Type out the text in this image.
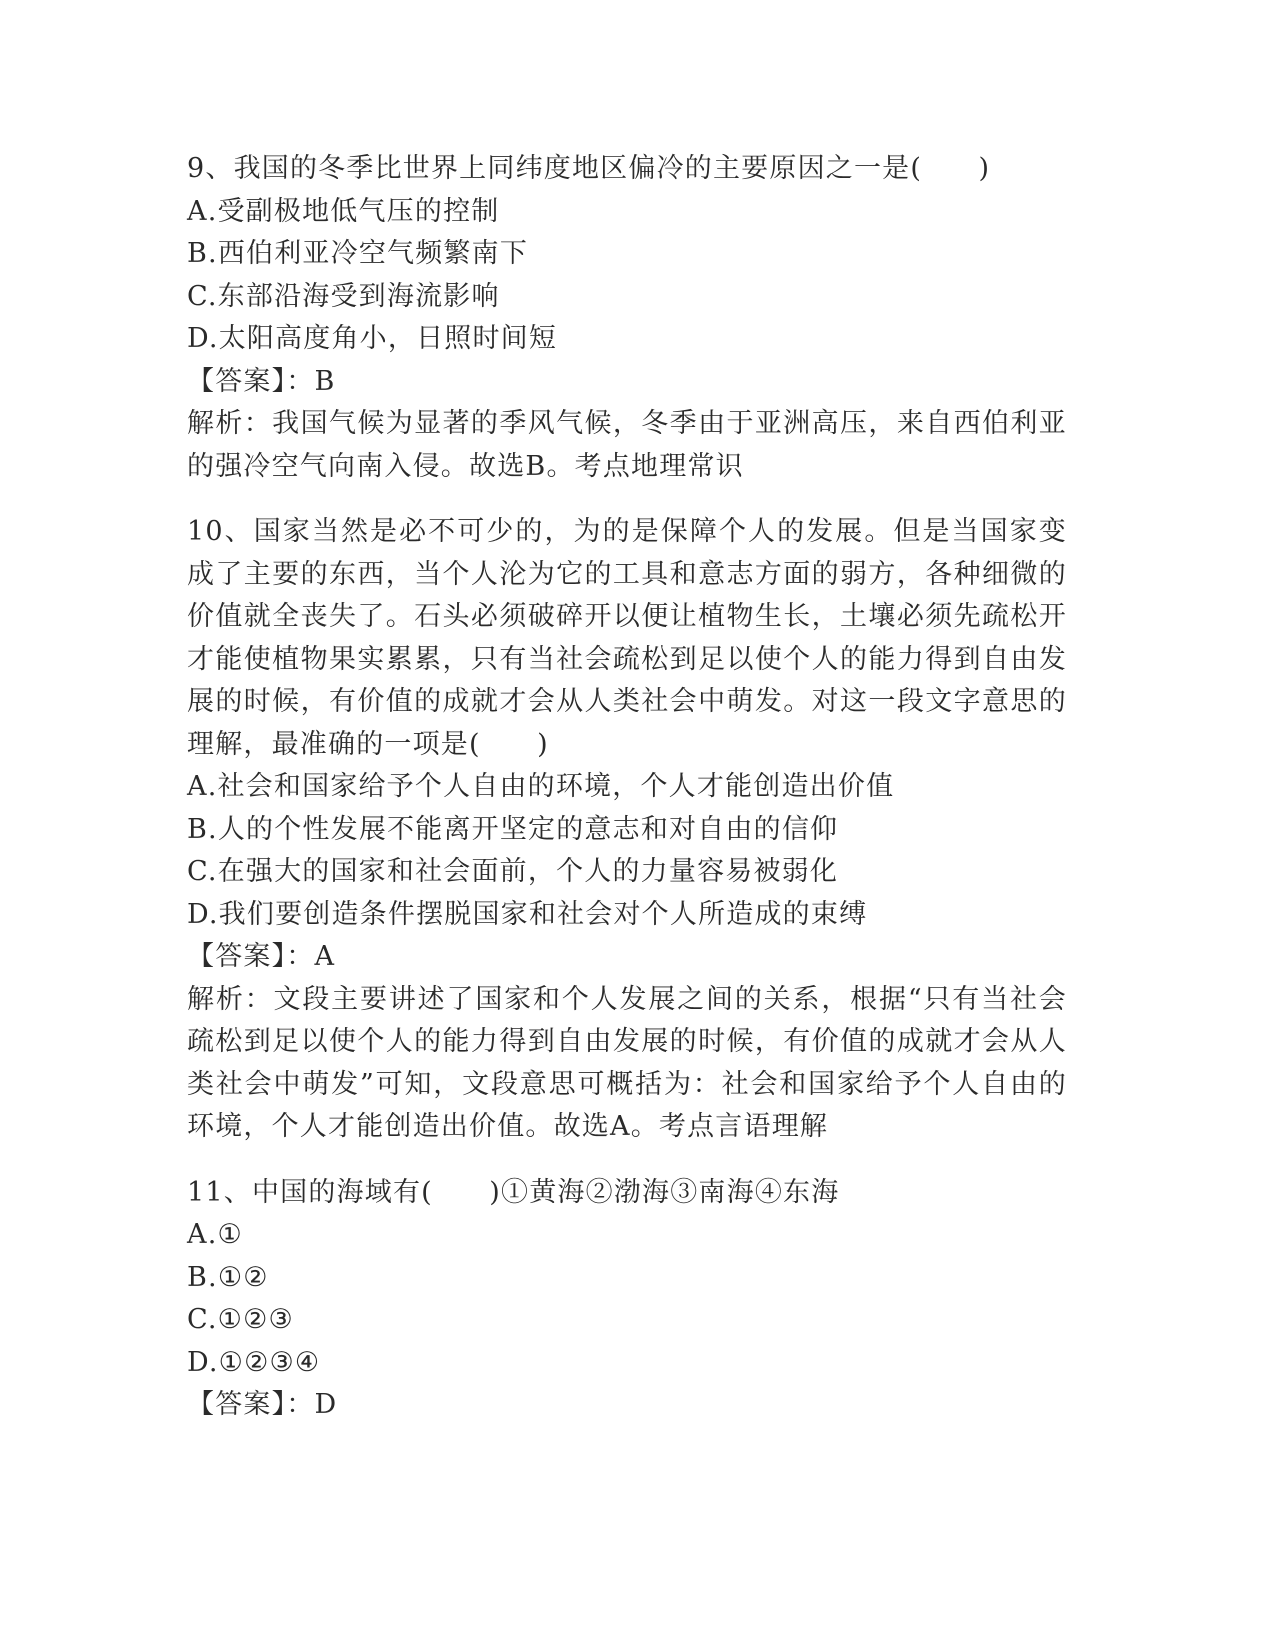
9、我国的冬季比世界上同纬度地区偏冷的主要原因之一是(　　)
A.受副极地低气压的控制
B.西伯利亚冷空气频繁南下
C.东部沿海受到海流影响
D.太阳高度角小，日照时间短
【答案】：B
解析：我国气候为显著的季风气候，冬季由于亚洲高压，来自西伯利亚的强冷空气向南入侵。故选B。考点地理常识
10、国家当然是必不可少的，为的是保障个人的发展。但是当国家变成了主要的东西，当个人沦为它的工具和意志方面的弱方，各种细微的价值就全丧失了。石头必须破碎开以便让植物生长，土壤必须先疏松开才能使植物果实累累，只有当社会疏松到足以使个人的能力得到自由发展的时候，有价值的成就才会从人类社会中萌发。对这一段文字意思的理解，最准确的一项是(　　)
A.社会和国家给予个人自由的环境，个人才能创造出价值
B.人的个性发展不能离开坚定的意志和对自由的信仰
C.在强大的国家和社会面前，个人的力量容易被弱化
D.我们要创造条件摆脱国家和社会对个人所造成的束缚
【答案】：A
解析：文段主要讲述了国家和个人发展之间的关系，根据“只有当社会疏松到足以使个人的能力得到自由发展的时候，有价值的成就才会从人类社会中萌发”可知，文段意思可概括为：社会和国家给予个人自由的环境，个人才能创造出价值。故选A。考点言语理解
11、中国的海域有(　　)①黄海②渤海③南海④东海
A.①
B.①②
C.①②③
D.①②③④
【答案】：D
